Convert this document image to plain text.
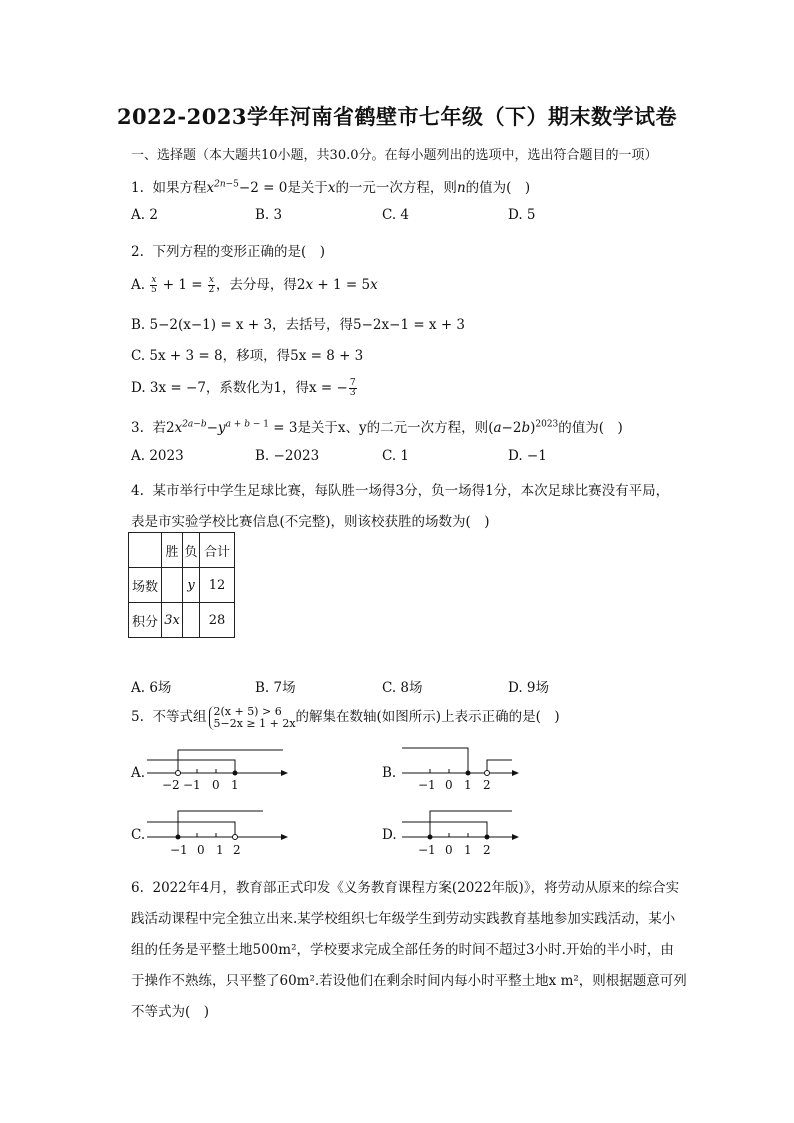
2022-2023学年河南省鹤壁市七年级（下）期末数学试卷
一、选择题（本大题共10小题，共30.0分。在每小题列出的选项中，选出符合题目的一项）
1. 如果方程$x^{2n-5}-2 = 0$是关于x的一元一次方程，则n的值为(　)
A. 2	B. 3	C. 4	D. 5
2. 下列方程的变形正确的是(　)
A. $\frac{x}{5} + 1 = \frac{x}{2}$ ，去分母，得2x + 1 = 5x
B. 5−2(x−1) = x + 3，去括号，得5−2x−1 = x + 3
C. 5x + 3 = 8，移项，得5x = 8 + 3
D. 3x = −7，系数化为1，得x = − $\frac{7}{3}$
3. 若$2x^{2a-b}-y^{a + b - 1} = 3$是关于x、y的二元一次方程，则$(a-2b)^{2023}$的值为(　)
A. 2023	B. −2023	C. 1	D. −1
4. 某市举行中学生足球比赛，每队胜一场得3分，负一场得1分，本次足球比赛没有平局，
表是市实验学校比赛信息(不完整)，则该校获胜的场数为(　)
	胜	负	合计
场数		y	12
积分	3x		28
A. 6场	B. 7场	C. 8场	D. 9场
5. 不等式组 2(x + 5) > 6
5−2x ≥ 1 + 2x 的解集在数轴(如图所示)上表示正确的是(　)
A.
−2 −1 0 1
B.
−1 0 1 2
C.
−1 0 1 2
D.
−1 0 1 2
6. 2022年4月，教育部正式印发《义务教育课程方案(2022年版)》，将劳动从原来的综合实
践活动课程中完全独立出来.某学校组织七年级学生到劳动实践教育基地参加实践活动，某小
组的任务是平整土地500m²，学校要求完成全部任务的时间不超过3小时.开始的半小时，由
于操作不熟练，只平整了60m².若设他们在剩余时间内每小时平整土地x m²，则根据题意可列
不等式为(　)
